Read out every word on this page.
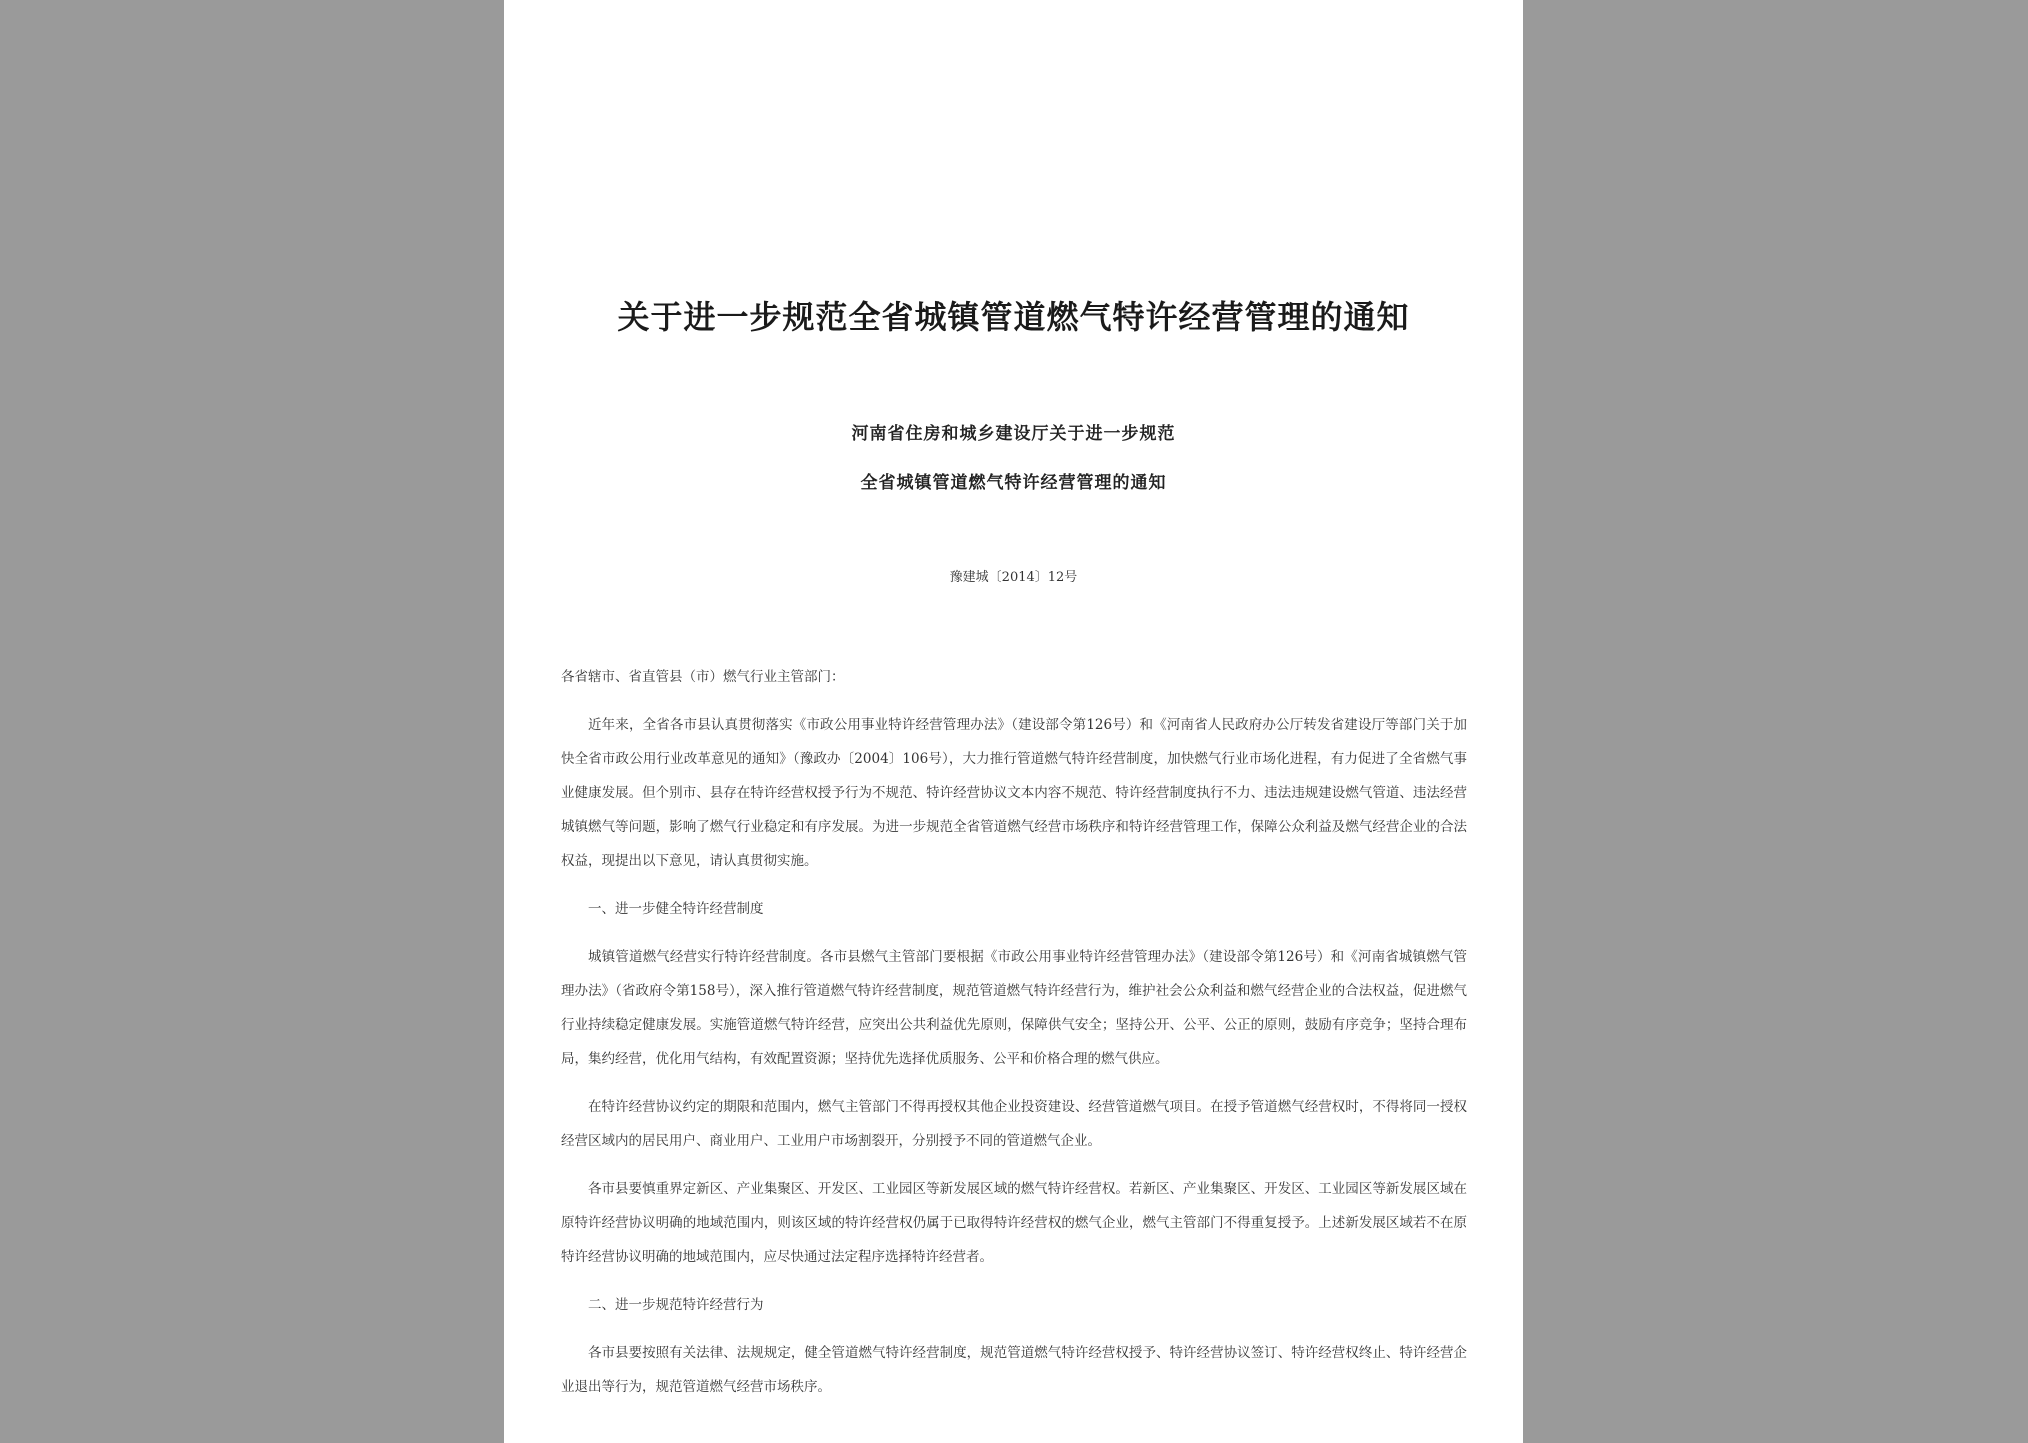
关于进一步规范全省城镇管道燃气特许经营管理的通知
河南省住房和城乡建设厅关于进一步规范
全省城镇管道燃气特许经营管理的通知
豫建城〔2014〕12号

各省辖市、省直管县（市）燃气行业主管部门：

近年来，全省各市县认真贯彻落实《市政公用事业特许经营管理办法》（建设部令第126号）和《河南省人民政府办公厅转发省建设厅等部门关于加快全省市政公用行业改革意见的通知》（豫政办〔2004〕106号），大力推行管道燃气特许经营制度，加快燃气行业市场化进程，有力促进了全省燃气事业健康发展。但个别市、县存在特许经营权授予行为不规范、特许经营协议文本内容不规范、特许经营制度执行不力、违法违规建设燃气管道、违法经营城镇燃气等问题，影响了燃气行业稳定和有序发展。为进一步规范全省管道燃气经营市场秩序和特许经营管理工作，保障公众利益及燃气经营企业的合法权益，现提出以下意见，请认真贯彻实施。

一、进一步健全特许经营制度

城镇管道燃气经营实行特许经营制度。各市县燃气主管部门要根据《市政公用事业特许经营管理办法》（建设部令第126号）和《河南省城镇燃气管理办法》（省政府令第158号），深入推行管道燃气特许经营制度，规范管道燃气特许经营行为，维护社会公众利益和燃气经营企业的合法权益，促进燃气行业持续稳定健康发展。实施管道燃气特许经营，应突出公共利益优先原则，保障供气安全；坚持公开、公平、公正的原则，鼓励有序竞争；坚持合理布局，集约经营，优化用气结构，有效配置资源；坚持优先选择优质服务、公平和价格合理的燃气供应。

在特许经营协议约定的期限和范围内，燃气主管部门不得再授权其他企业投资建设、经营管道燃气项目。在授予管道燃气经营权时，不得将同一授权经营区域内的居民用户、商业用户、工业用户市场割裂开，分别授予不同的管道燃气企业。

各市县要慎重界定新区、产业集聚区、开发区、工业园区等新发展区域的燃气特许经营权。若新区、产业集聚区、开发区、工业园区等新发展区域在原特许经营协议明确的地域范围内，则该区域的特许经营权仍属于已取得特许经营权的燃气企业，燃气主管部门不得重复授予。上述新发展区域若不在原特许经营协议明确的地域范围内，应尽快通过法定程序选择特许经营者。

二、进一步规范特许经营行为

各市县要按照有关法律、法规规定，健全管道燃气特许经营制度，规范管道燃气特许经营权授予、特许经营协议签订、特许经营权终止、特许经营企业退出等行为，规范管道燃气经营市场秩序。
